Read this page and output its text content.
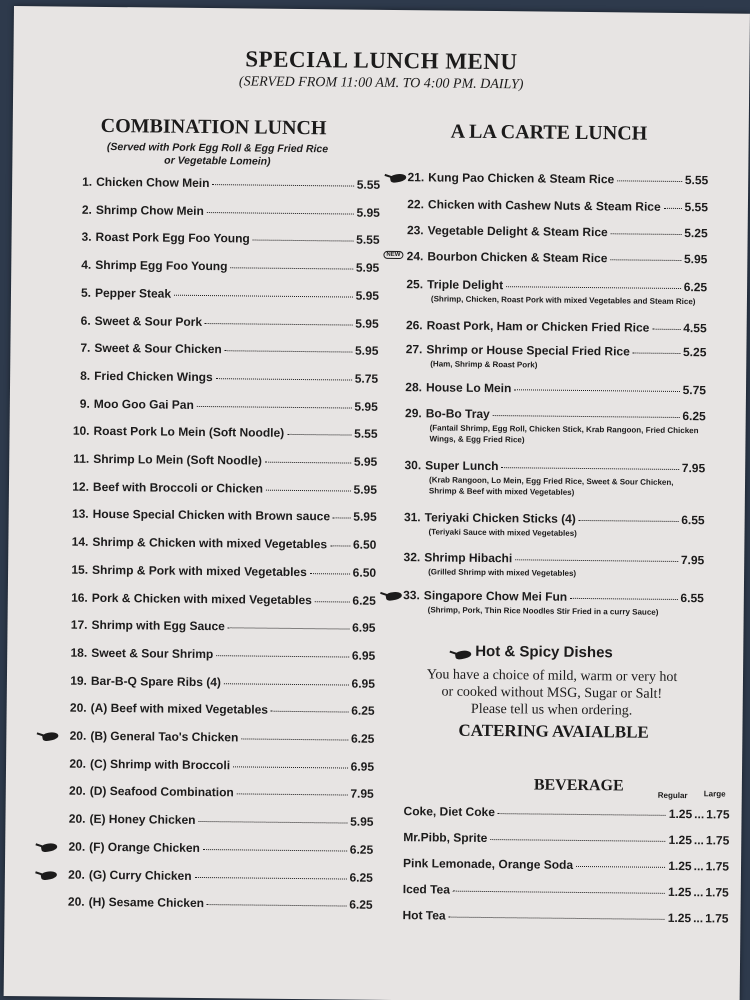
SPECIAL LUNCH MENU
(SERVED FROM 11:00 AM. TO 4:00 PM. DAILY)
COMBINATION LUNCH
(Served with Pork Egg Roll & Egg Fried Rice
or Vegetable Lomein)
1. Chicken Chow Mein	5.55
2. Shrimp Chow Mein	5.95
3. Roast Pork Egg Foo Young	5.55
4. Shrimp Egg Foo Young	5.95
5. Pepper Steak	5.95
6. Sweet & Sour Pork	5.95
7. Sweet & Sour Chicken	5.95
8. Fried Chicken Wings	5.75
9. Moo Goo Gai Pan	5.95
10. Roast Pork Lo Mein (Soft Noodle)	5.55
11. Shrimp Lo Mein (Soft Noodle)	5.95
12. Beef with Broccoli or Chicken	5.95
13. House Special Chicken with Brown sauce 5.95
14. Shrimp & Chicken with mixed Vegetables 6.50
15. Shrimp & Pork with mixed Vegetables	6.50
16. Pork & Chicken with mixed Vegetables	6.25
17. Shrimp with Egg Sauce	6.95
18. Sweet & Sour Shrimp	6.95
19. Bar-B-Q Spare Ribs (4)	6.95
20. (A) Beef with mixed Vegetables	6.25
20. (B) General Tao's Chicken	6.25
20. (C) Shrimp with Broccoli	6.95
20. (D) Seafood Combination	7.95
20. (E) Honey Chicken	5.95
20. (F) Orange Chicken	6.25
20. (G) Curry Chicken	6.25
20. (H) Sesame Chicken	6.25
A LA CARTE LUNCH
21. Kung Pao Chicken & Steam Rice	5.55
22. Chicken with Cashew Nuts & Steam Rice 5.55
23. Vegetable Delight & Steam Rice	5.25
24. Bourbon Chicken & Steam Rice	5.95
NEW
25. Triple Delight	6.25
(Shrimp, Chicken, Roast Pork with mixed Vegetables and Steam Rice)
26. Roast Pork, Ham or Chicken Fried Rice	4.55
27. Shrimp or House Special Fried Rice	5.25
(Ham, Shrimp & Roast Pork)
28. House Lo Mein	5.75
29. Bo-Bo Tray	6.25
(Fantail Shrimp, Egg Roll, Chicken Stick, Krab Rangoon, Fried Chicken Wings, & Egg Fried Rice)
30. Super Lunch	7.95
(Krab Rangoon, Lo Mein, Egg Fried Rice, Sweet & Sour Chicken, Shrimp & Beef with mixed Vegetables)
31. Teriyaki Chicken Sticks (4)	6.55
(Teriyaki Sauce with mixed Vegetables)
32. Shrimp Hibachi	7.95
(Grilled Shrimp with mixed Vegetables)
33. Singapore Chow Mei Fun	6.55
(Shrimp, Pork, Thin Rice Noodles Stir Fried in a curry Sauce)
Hot & Spicy Dishes
You have a choice of mild, warm or very hot
or cooked without MSG, Sugar or Salt!
Please tell us when ordering.
CATERING AVAIALBLE
BEVERAGE
Regular Large
Coke, Diet Coke	1.25 ... 1.75
Mr.Pibb, Sprite	1.25 ... 1.75
Pink Lemonade, Orange Soda	1.25 ... 1.75
Iced Tea	1.25 ... 1.75
Hot Tea	1.25 ... 1.75
